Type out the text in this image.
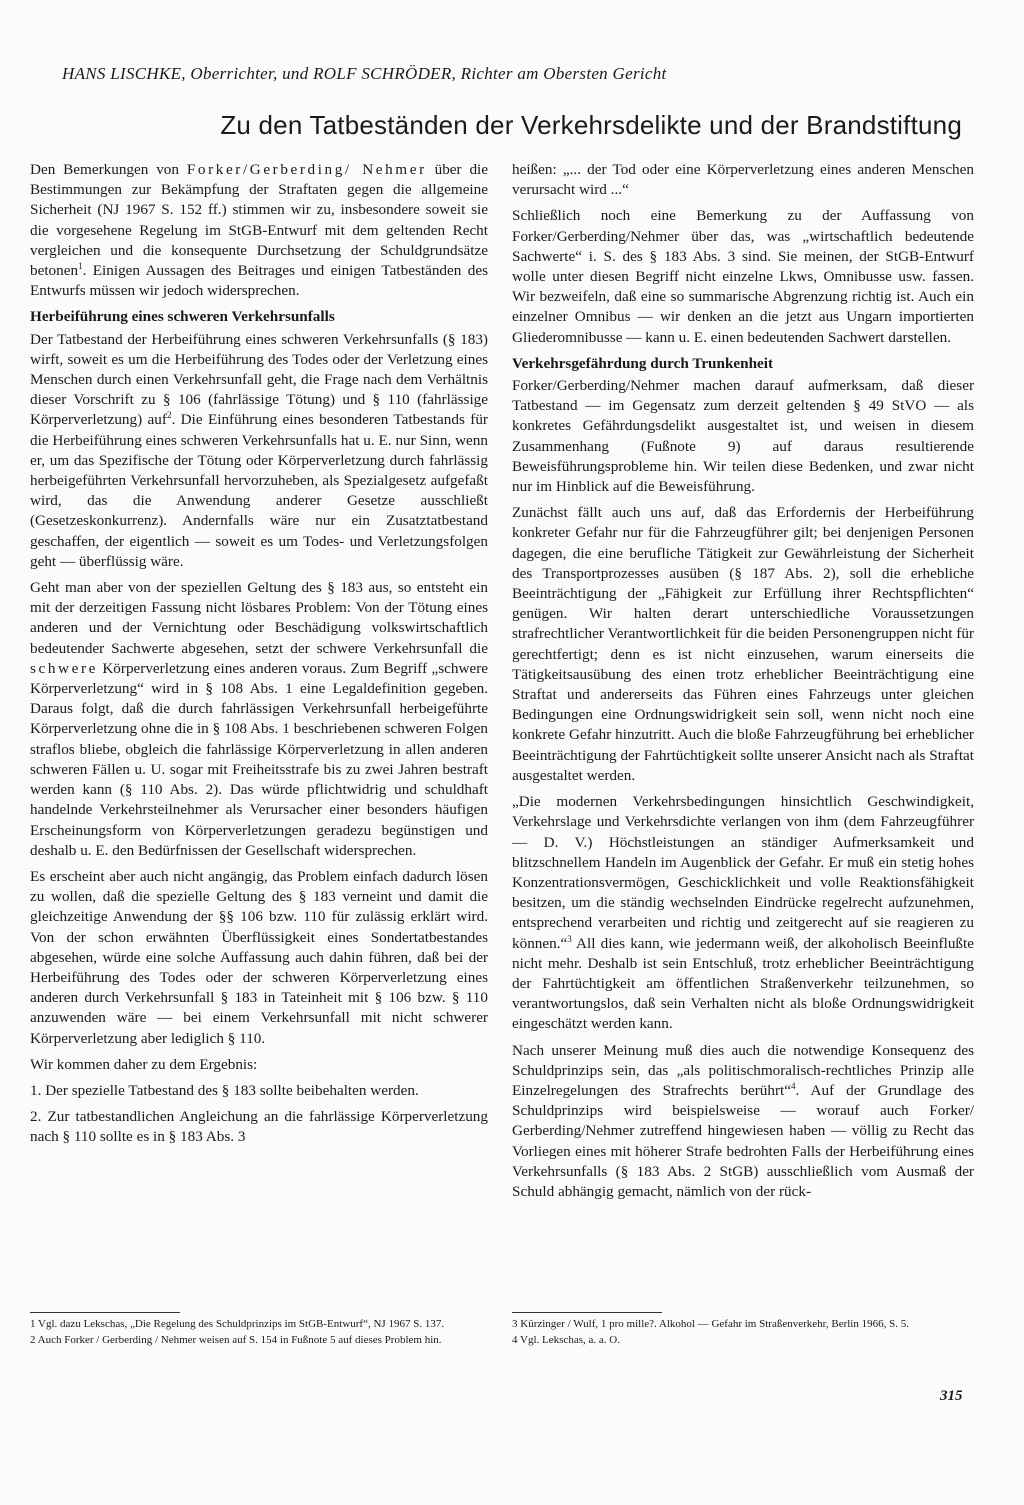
HANS LISCHKE, Oberrichter, und ROLF SCHRÖDER, Richter am Obersten Gericht

Zu den Tatbeständen der Verkehrsdelikte und der Brandstiftung

Den Bemerkungen von Forker/Gerberding/ Nehmer über die Bestimmungen zur Bekämpfung der Straftaten gegen die allgemeine Sicherheit (NJ 1967 S. 152 ff.) stimmen wir zu, insbesondere soweit sie die vorgesehene Regelung im StGB-Entwurf mit dem geltenden Recht vergleichen und die konsequente Durchsetzung der Schuldgrundsätze betonen$^1$. Einigen Aussagen des Beitrages und einigen Tatbeständen des Entwurfs müssen wir jedoch widersprechen.

Herbeiführung eines schweren Verkehrsunfalls

Der Tatbestand der Herbeiführung eines schweren Verkehrsunfalls (§ 183) wirft, soweit es um die Herbeiführung des Todes oder der Verletzung eines Menschen durch einen Verkehrsunfall geht, die Frage nach dem Verhältnis dieser Vorschrift zu § 106 (fahrlässige Tötung) und § 110 (fahrlässige Körperverletzung) auf$^2$. Die Einführung eines besonderen Tatbestands für die Herbeiführung eines schweren Verkehrsunfalls hat u. E. nur Sinn, wenn er, um das Spezifische der Tötung oder Körperverletzung durch fahrlässig herbeigeführten Verkehrsunfall hervorzuheben, als Spezialgesetz aufgefaßt wird, das die Anwendung anderer Gesetze ausschließt (Gesetzeskonkurrenz). Andernfalls wäre nur ein Zusatztatbestand geschaffen, der eigentlich — soweit es um Todes- und Verletzungsfolgen geht — überflüssig wäre.

Geht man aber von der speziellen Geltung des § 183 aus, so entsteht ein mit der derzeitigen Fassung nicht lösbares Problem: Von der Tötung eines anderen und der Vernichtung oder Beschädigung volkswirtschaftlich bedeutender Sachwerte abgesehen, setzt der schwere Verkehrsunfall die schwere Körperverletzung eines anderen voraus. Zum Begriff „schwere Körperverletzung“ wird in § 108 Abs. 1 eine Legaldefinition gegeben. Daraus folgt, daß die durch fahrlässigen Verkehrsunfall herbeigeführte Körperverletzung ohne die in § 108 Abs. 1 beschriebenen schweren Folgen straflos bliebe, obgleich die fahrlässige Körperverletzung in allen anderen schweren Fällen u. U. sogar mit Freiheitsstrafe bis zu zwei Jahren bestraft werden kann (§ 110 Abs. 2). Das würde pflichtwidrig und schuldhaft handelnde Verkehrsteilnehmer als Verursacher einer besonders häufigen Erscheinungsform von Körperverletzungen geradezu begünstigen und deshalb u. E. den Bedürfnissen der Gesellschaft widersprechen.

Es erscheint aber auch nicht angängig, das Problem einfach dadurch lösen zu wollen, daß die spezielle Geltung des § 183 verneint und damit die gleichzeitige Anwendung der §§ 106 bzw. 110 für zulässig erklärt wird. Von der schon erwähnten Überflüssigkeit eines Sondertatbestandes abgesehen, würde eine solche Auffassung auch dahin führen, daß bei der Herbeiführung des Todes oder der schweren Körperverletzung eines anderen durch Verkehrsunfall § 183 in Tateinheit mit § 106 bzw. § 110 anzuwenden wäre — bei einem Verkehrsunfall mit nicht schwerer Körperverletzung aber lediglich § 110.

Wir kommen daher zu dem Ergebnis:

1. Der spezielle Tatbestand des § 183 sollte beibehalten werden.

2. Zur tatbestandlichen Angleichung an die fahrlässige Körperverletzung nach § 110 sollte es in § 183 Abs. 3

heißen: „... der Tod oder eine Körperverletzung eines anderen Menschen verursacht wird ...“

Schließlich noch eine Bemerkung zu der Auffassung von Forker/Gerberding/Nehmer über das, was „wirtschaftlich bedeutende Sachwerte“ i. S. des § 183 Abs. 3 sind. Sie meinen, der StGB-Entwurf wolle unter diesen Begriff nicht einzelne Lkws, Omnibusse usw. fassen. Wir bezweifeln, daß eine so summarische Abgrenzung richtig ist. Auch ein einzelner Omnibus — wir denken an die jetzt aus Ungarn importierten Gliederomnibusse — kann u. E. einen bedeutenden Sachwert darstellen.

Verkehrsgefährdung durch Trunkenheit

Forker/Gerberding/Nehmer machen darauf aufmerksam, daß dieser Tatbestand — im Gegensatz zum derzeit geltenden § 49 StVO — als konkretes Gefährdungsdelikt ausgestaltet ist, und weisen in diesem Zusammenhang (Fußnote 9) auf daraus resultierende Beweisführungsprobleme hin. Wir teilen diese Bedenken, und zwar nicht nur im Hinblick auf die Beweisführung.

Zunächst fällt auch uns auf, daß das Erfordernis der Herbeiführung konkreter Gefahr nur für die Fahrzeugführer gilt; bei denjenigen Personen dagegen, die eine berufliche Tätigkeit zur Gewährleistung der Sicherheit des Transportprozesses ausüben (§ 187 Abs. 2), soll die erhebliche Beeinträchtigung der „Fähigkeit zur Erfüllung ihrer Rechtspflichten“ genügen. Wir halten derart unterschiedliche Voraussetzungen strafrechtlicher Verantwortlichkeit für die beiden Personengruppen nicht für gerechtfertigt; denn es ist nicht einzusehen, warum einerseits die Tätigkeitsausübung des einen trotz erheblicher Beeinträchtigung eine Straftat und andererseits das Führen eines Fahrzeugs unter gleichen Bedingungen eine Ordnungswidrigkeit sein soll, wenn nicht noch eine konkrete Gefahr hinzutritt. Auch die bloße Fahrzeugführung bei erheblicher Beeinträchtigung der Fahrtüchtigkeit sollte unserer Ansicht nach als Straftat ausgestaltet werden.

„Die modernen Verkehrsbedingungen hinsichtlich Geschwindigkeit, Verkehrslage und Verkehrsdichte verlangen von ihm (dem Fahrzeugführer — D. V.) Höchstleistungen an ständiger Aufmerksamkeit und blitzschnellem Handeln im Augenblick der Gefahr. Er muß ein stetig hohes Konzentrationsvermögen, Geschicklichkeit und volle Reaktionsfähigkeit besitzen, um die ständig wechselnden Eindrücke regelrecht aufzunehmen, entsprechend verarbeiten und richtig und zeitgerecht auf sie reagieren zu können.“$^3$ All dies kann, wie jedermann weiß, der alkoholisch Beeinflußte nicht mehr. Deshalb ist sein Entschluß, trotz erheblicher Beeinträchtigung der Fahrtüchtigkeit am öffentlichen Straßenverkehr teilzunehmen, so verantwortungslos, daß sein Verhalten nicht als bloße Ordnungswidrigkeit eingeschätzt werden kann.

Nach unserer Meinung muß dies auch die notwendige Konsequenz des Schuldprinzips sein, das „als politischmoralisch-rechtliches Prinzip alle Einzelregelungen des Strafrechts berührt“$^4$. Auf der Grundlage des Schuldprinzips wird beispielsweise — worauf auch Forker/ Gerberding/Nehmer zutreffend hingewiesen haben — völlig zu Recht das Vorliegen eines mit höherer Strafe bedrohten Falls der Herbeiführung eines Verkehrsunfalls (§ 183 Abs. 2 StGB) ausschließlich vom Ausmaß der Schuld abhängig gemacht, nämlich von der rück-

1 Vgl. dazu Lekschas, „Die Regelung des Schuldprinzips im StGB-Entwurf“, NJ 1967 S. 137.

2 Auch Forker / Gerberding / Nehmer weisen auf S. 154 in Fußnote 5 auf dieses Problem hin.

3 Kürzinger / Wulf, 1 pro mille?. Alkohol — Gefahr im Straßenverkehr, Berlin 1966, S. 5.

4 Vgl. Lekschas, a. a. O.

315
